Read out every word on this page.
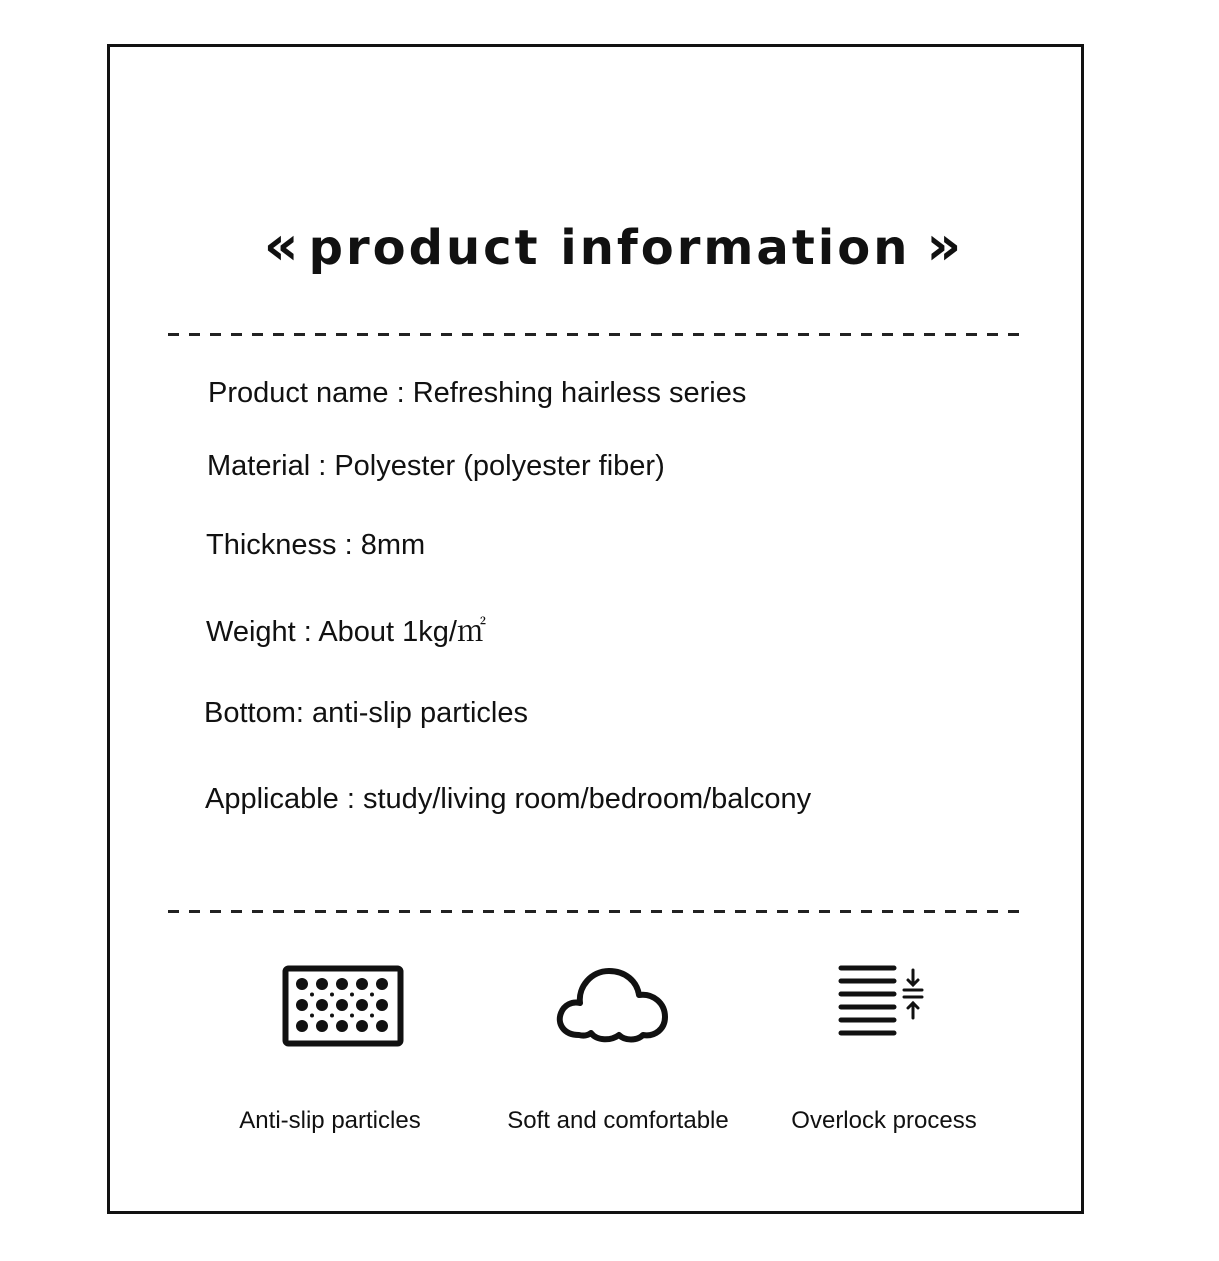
« product information »
Product name : Refreshing hairless series
Material : Polyester (polyester fiber)
Thickness : 8mm
Weight : About 1kg/㎡
Bottom: anti-slip particles
Applicable : study/living room/bedroom/balcony
Anti-slip particles	Soft and comfortable	Overlock process
